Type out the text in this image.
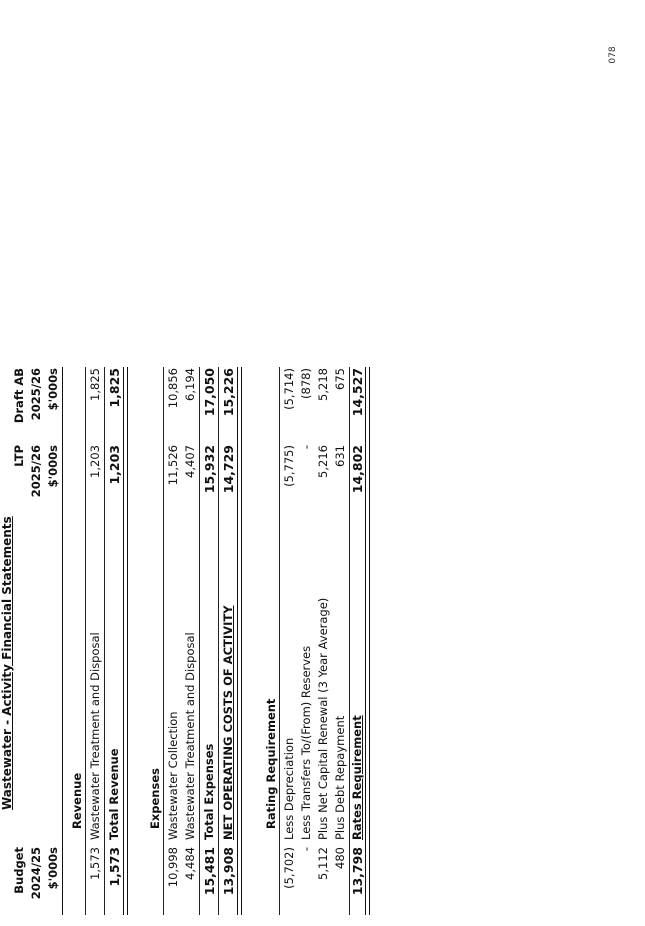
078
Wastewater - Activity Financial Statements
Budget 2024/25 $'000s
LTP 2025/26 $'000s
Draft AB 2025/26 $'000s
Revenue
1,573
Wastewater Treatment and Disposal
1,203
1,825
1,573
Total Revenue
1,203
1,825
Expenses
10,998
Wastewater Collection
11,526
10,856
4,484
Wastewater Treatment and Disposal
4,407
6,194
15,481
Total Expenses
15,932
17,050
13,908
NET OPERATING COSTS OF ACTIVITY
14,729
15,226
Rating Requirement
(5,702)
Less Depreciation
(5,775)
(5,714)
-
Less Transfers To/(From) Reserves
-
(878)
5,112
Plus Net Capital Renewal (3 Year Average)
5,216
5,218
480
Plus Debt Repayment
631
675
13,798
Rates Requirement
14,802
14,527
